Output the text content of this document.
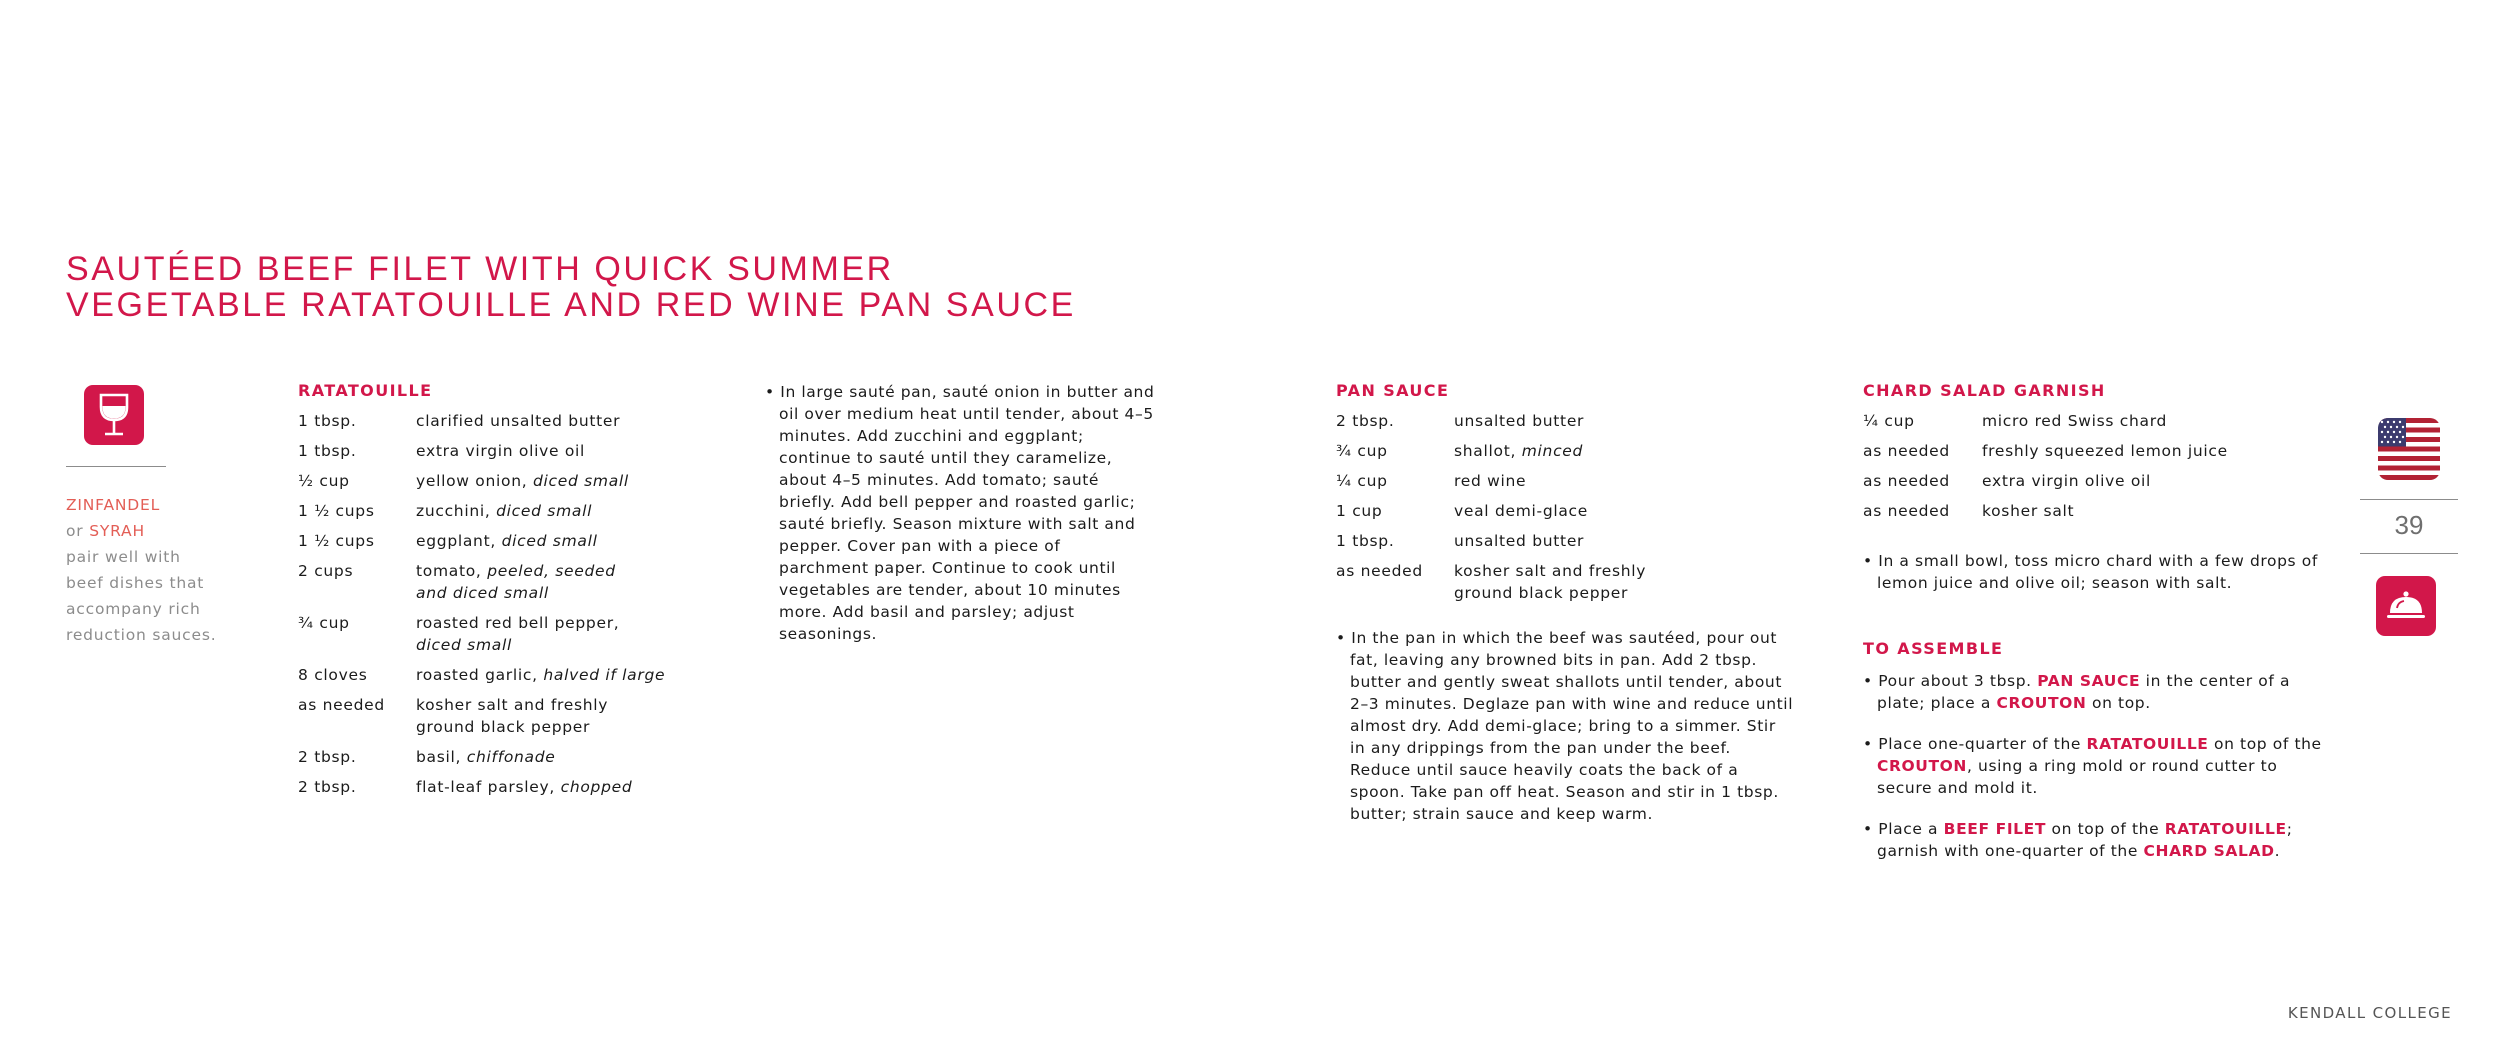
SAUTÉED BEEF FILET WITH QUICK SUMMER
VEGETABLE RATATOUILLE AND RED WINE PAN SAUCE
ZINFANDEL
or SYRAH
pair well with
beef dishes that
accompany rich
reduction sauces.
RATATOUILLE
1 tbsp.	clarified unsalted butter
1 tbsp.	extra virgin olive oil
½ cup	yellow onion, diced small
1 ½ cups	zucchini, diced small
1 ½ cups	eggplant, diced small
2 cups	tomato, peeled, seeded and diced small
¾ cup	roasted red bell pepper, diced small
8 cloves	roasted garlic, halved if large
as needed	kosher salt and freshly ground black pepper
2 tbsp.	basil, chiffonade
2 tbsp.	flat-leaf parsley, chopped

• In large sauté pan, sauté onion in butter and oil over medium heat until tender, about 4–5 minutes. Add zucchini and eggplant; continue to sauté until they caramelize, about 4–5 minutes. Add tomato; sauté briefly. Add bell pepper and roasted garlic; sauté briefly. Season mixture with salt and pepper. Cover pan with a piece of parchment paper. Continue to cook until vegetables are tender, about 10 minutes more. Add basil and parsley; adjust seasonings.

PAN SAUCE
2 tbsp.	unsalted butter
¾ cup	shallot, minced
¼ cup	red wine
1 cup	veal demi-glace
1 tbsp.	unsalted butter
as needed	kosher salt and freshly ground black pepper

• In the pan in which the beef was sautéed, pour out fat, leaving any browned bits in pan. Add 2 tbsp. butter and gently sweat shallots until tender, about 2–3 minutes. Deglaze pan with wine and reduce until almost dry. Add demi-glace; bring to a simmer. Stir in any drippings from the pan under the beef. Reduce until sauce heavily coats the back of a spoon. Take pan off heat. Season and stir in 1 tbsp. butter; strain sauce and keep warm.

CHARD SALAD GARNISH
¼ cup	micro red Swiss chard
as needed	freshly squeezed lemon juice
as needed	extra virgin olive oil
as needed	kosher salt

• In a small bowl, toss micro chard with a few drops of lemon juice and olive oil; season with salt.

TO ASSEMBLE

• Pour about 3 tbsp. PAN SAUCE in the center of a plate; place a CROUTON on top.

• Place one-quarter of the RATATOUILLE on top of the CROUTON, using a ring mold or round cutter to secure and mold it.

• Place a BEEF FILET on top of the RATATOUILLE; garnish with one-quarter of the CHARD SALAD.

39
KENDALL COLLEGE
